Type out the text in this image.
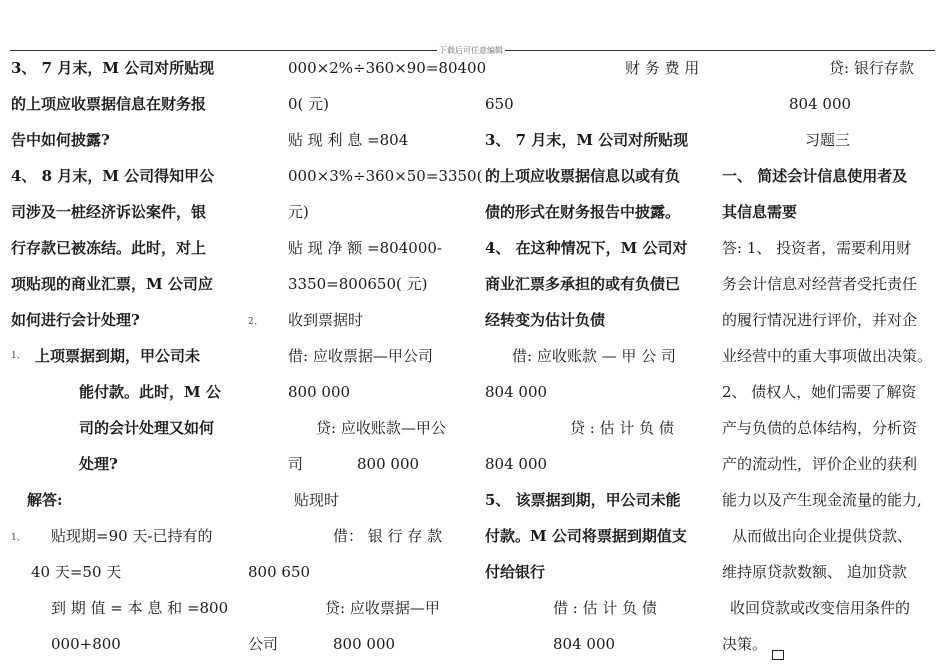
下载后可任意编辑
3、 7 月末，M 公司对所贴现
的上项应收票据信息在财务报
告中如何披露?
4、 8 月末，M 公司得知甲公
司涉及一桩经济诉讼案件，银
行存款已被冻结。此时，对上
项贴现的商业汇票，M 公司应
如何进行会计处理?
1、 上项票据到期，甲公司未
能付款。此时，M 公
司的会计处理又如何
处理?
解答:
1、 贴现期=90 天-已持有的
40 天=50 天
到 期 值 = 本 息 和 =800
000+800
000×2%÷360×90=80400
0( 元)
贴 现 利 息 =804
000×3%÷360×50=3350(
元)
贴 现 净 额 =804000-
3350=800650( 元)
2、 收到票据时
借: 应收票据—甲公司
800 000
贷: 应收账款—甲公
司	800 000
贴现时
借： 银 行 存 款
800 650
贷: 应收票据—甲
公司	800 000
财 务 费 用
650
3、 7 月末，M 公司对所贴现
的上项应收票据信息以或有负
债的形式在财务报告中披露。
4、 在这种情况下，M 公司对
商业汇票多承担的或有负债已
经转变为估计负债
借: 应收账款 — 甲 公 司
804 000
贷 : 估 计 负 债
804 000
5、 该票据到期，甲公司未能
付款。M 公司将票据到期值支
付给银行
借 : 估 计 负 债
804 000
贷: 银行存款
804 000
习题三
一、 简述会计信息使用者及
其信息需要
答: 1、 投资者，需要利用财
务会计信息对经营者受托责任
的履行情况进行评价，并对企
业经营中的重大事项做出决策。
2、 债权人，她们需要了解资
产与负债的总体结构，分析资
产的流动性，评价企业的获利
能力以及产生现金流量的能力,
从而做出向企业提供贷款、
维持原贷款数额、 追加贷款
收回贷款或改变信用条件的
决策。
